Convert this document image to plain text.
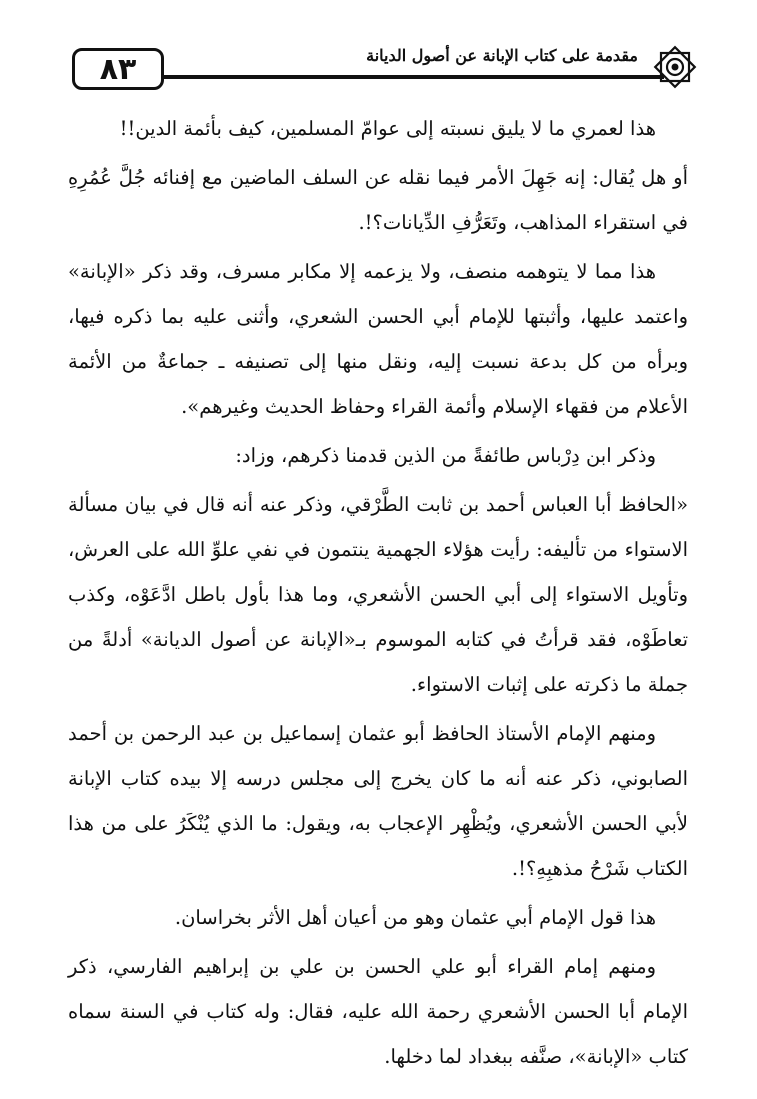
٨٣	مقدمة على كتاب الإبانة عن أصول الديانة

هذا لعمري ما لا يليق نسبته إلى عوامّ المسلمين، كيف بأئمة الدين!!

أو هل يُقال: إنه جَهِلَ الأمر فيما نقله عن السلف الماضين مع إفنائه جُلَّ عُمُرِهِ في استقراء المذاهب، وتَعَرُّفِ الدِّيانات؟!.

هذا مما لا يتوهمه منصف، ولا يزعمه إلا مكابر مسرف، وقد ذكر «الإبانة» واعتمد عليها، وأثبتها للإمام أبي الحسن الشعري، وأثنى عليه بما ذكره فيها، وبرأه من كل بدعة نسبت إليه، ونقل منها إلى تصنيفه ـ جماعةٌ من الأئمة الأعلام من فقهاء الإسلام وأئمة القراء وحفاظ الحديث وغيرهم».

وذكر ابن دِرْباس طائفةً من الذين قدمنا ذكرهم، وزاد:

«الحافظ أبا العباس أحمد بن ثابت الطَّرْقي، وذكر عنه أنه قال في بيان مسألة الاستواء من تأليفه: رأيت هؤلاء الجهمية ينتمون في نفي علوِّ الله على العرش، وتأويل الاستواء إلى أبي الحسن الأشعري، وما هذا بأول باطل ادَّعَوْه، وكذب تعاطَوْه، فقد قرأتُ في كتابه الموسوم بـ«الإبانة عن أصول الديانة» أدلةً من جملة ما ذكرته على إثبات الاستواء.

ومنهم الإمام الأستاذ الحافظ أبو عثمان إسماعيل بن عبد الرحمن بن أحمد الصابوني، ذكر عنه أنه ما كان يخرج إلى مجلس درسه إلا بيده كتاب الإبانة لأبي الحسن الأشعري، ويُظْهِر الإعجاب به، ويقول: ما الذي يُنْكَرُ على من هذا الكتاب شَرْحُ مذهبِهِ؟!.

هذا قول الإمام أبي عثمان وهو من أعيان أهل الأثر بخراسان.

ومنهم إمام القراء أبو علي الحسن بن علي بن إبراهيم الفارسي، ذكر الإمام أبا الحسن الأشعري رحمة الله عليه، فقال: وله كتاب في السنة سماه كتاب «الإبانة»، صنَّفه ببغداد لما دخلها.
